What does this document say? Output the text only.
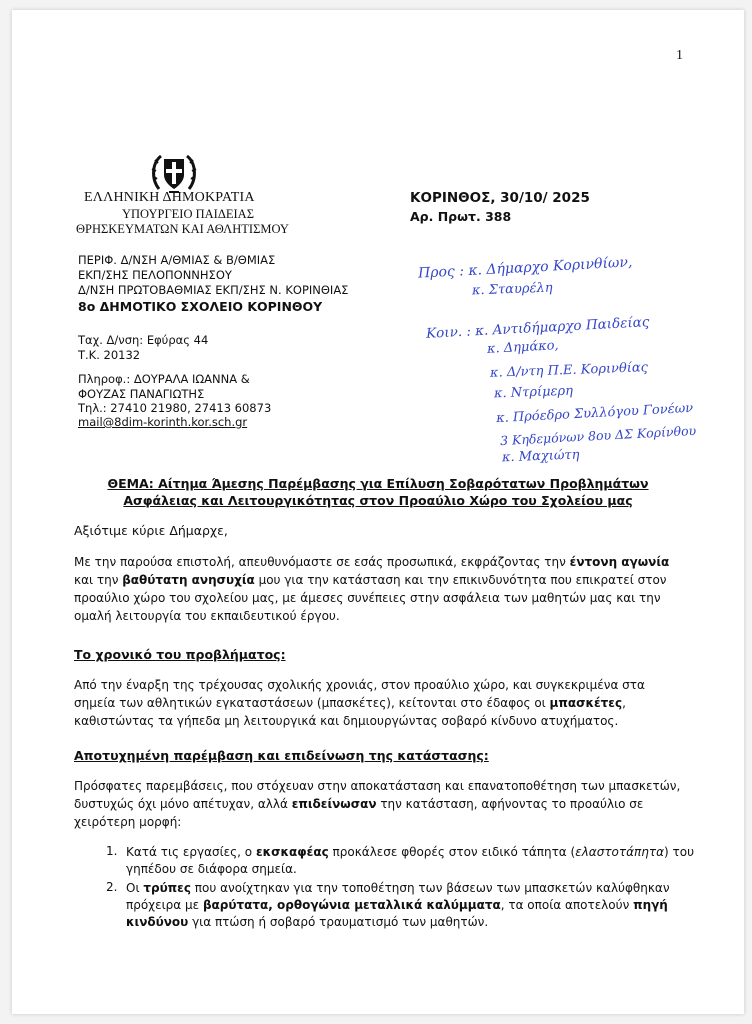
1
ΕΛΛΗΝΙΚΗ ΔΗΜΟΚΡΑΤΙΑ
ΥΠΟΥΡΓΕΙΟ ΠΑΙΔΕΙΑΣ
ΘΡΗΣΚΕΥΜΑΤΩΝ ΚΑΙ ΑΘΛΗΤΙΣΜΟΥ
ΚΟΡΙΝΘΟΣ, 30/10/ 2025
Αρ. Πρωτ. 388
ΠΕΡΙΦ. Δ/ΝΣΗ Α/ΘΜΙΑΣ & Β/ΘΜΙΑΣ
ΕΚΠ/ΣΗΣ ΠΕΛΟΠΟΝΝΗΣΟΥ
Δ/ΝΣΗ ΠΡΩΤΟΒΑΘΜΙΑΣ ΕΚΠ/ΣΗΣ Ν. ΚΟΡΙΝΘΙΑΣ
8ο ΔΗΜΟΤΙΚΟ ΣΧΟΛΕΙΟ ΚΟΡΙΝΘΟΥ
Ταχ. Δ/νση: Εφύρας 44
Τ.Κ. 20132
Πληροφ.: ΔΟΥΡΑΛΑ ΙΩΑΝΝΑ &
ΦΟΥΖΑΣ ΠΑΝΑΓΙΩΤΗΣ
Τηλ.: 27410 21980, 27413 60873
mail@8dim-korinth.kor.sch.gr
Προς : κ. Δήμαρχο Κορινθίων,
κ. Σταυρέλη
Κοιν. : κ. Αντιδήμαρχο Παιδείας
κ. Δημάκο,
κ. Δ/ντη Π.Ε. Κορινθίας
κ. Ντρίμερη
κ. Πρόεδρο Συλλόγου Γονέων
3 Κηδεμόνων 8ου ΔΣ Κορίνθου
κ. Μαχιώτη
ΘΕΜΑ: Αίτημα Άμεσης Παρέμβασης για Επίλυση Σοβαρότατων Προβλημάτων
Ασφάλειας και Λειτουργικότητας στον Προαύλιο Χώρο του Σχολείου μας
Αξιότιμε κύριε Δήμαρχε,
Με την παρούσα επιστολή, απευθυνόμαστε σε εσάς προσωπικά, εκφράζοντας την έντονη αγωνία και την βαθύτατη ανησυχία μου για την κατάσταση και την επικινδυνότητα που επικρατεί στον προαύλιο χώρο του σχολείου μας, με άμεσες συνέπειες στην ασφάλεια των μαθητών μας και την ομαλή λειτουργία του εκπαιδευτικού έργου.
Το χρονικό του προβλήματος:
Από την έναρξη της τρέχουσας σχολικής χρονιάς, στον προαύλιο χώρο, και συγκεκριμένα στα σημεία των αθλητικών εγκαταστάσεων (μπασκέτες), κείτονται στο έδαφος οι μπασκέτες, καθιστώντας τα γήπεδα μη λειτουργικά και δημιουργώντας σοβαρό κίνδυνο ατυχήματος.
Αποτυχημένη παρέμβαση και επιδείνωση της κατάστασης:
Πρόσφατες παρεμβάσεις, που στόχευαν στην αποκατάσταση και επανατοποθέτηση των μπασκετών, δυστυχώς όχι μόνο απέτυχαν, αλλά επιδείνωσαν την κατάσταση, αφήνοντας το προαύλιο σε χειρότερη μορφή:
1. Κατά τις εργασίες, ο εκσκαφέας προκάλεσε φθορές στον ειδικό τάπητα (ελαστοτάπητα) του γηπέδου σε διάφορα σημεία.
2. Οι τρύπες που ανοίχτηκαν για την τοποθέτηση των βάσεων των μπασκετών καλύφθηκαν πρόχειρα με βαρύτατα, ορθογώνια μεταλλικά καλύμματα, τα οποία αποτελούν πηγή κινδύνου για πτώση ή σοβαρό τραυματισμό των μαθητών.
